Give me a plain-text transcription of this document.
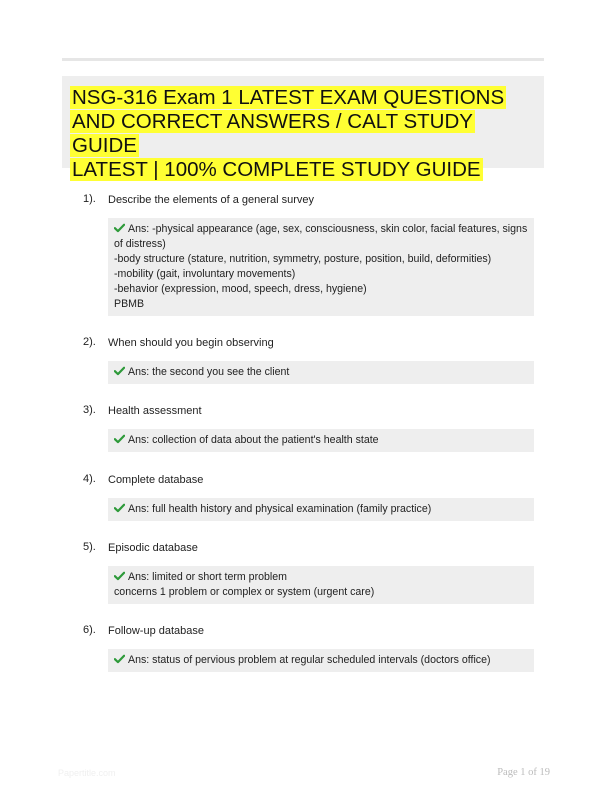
NSG-316 Exam 1 LATEST EXAM QUESTIONS
AND CORRECT ANSWERS / CALT STUDY GUIDE
LATEST | 100% COMPLETE STUDY GUIDE
1). Describe the elements of a general survey
Ans: -physical appearance (age, sex, consciousness, skin color, facial features, signs
of distress)
-body structure (stature, nutrition, symmetry, posture, position, build, deformities)
-mobility (gait, involuntary movements)
-behavior (expression, mood, speech, dress, hygiene)
PBMB
2). When should you begin observing
Ans: the second you see the client
3). Health assessment
Ans: collection of data about the patient's health state
4). Complete database
Ans: full health history and physical examination (family practice)
5). Episodic database
Ans: limited or short term problem
concerns 1 problem or complex or system (urgent care)
6). Follow-up database
Ans: status of pervious problem at regular scheduled intervals (doctors office)
Papertitle.com	Page 1 of 19
